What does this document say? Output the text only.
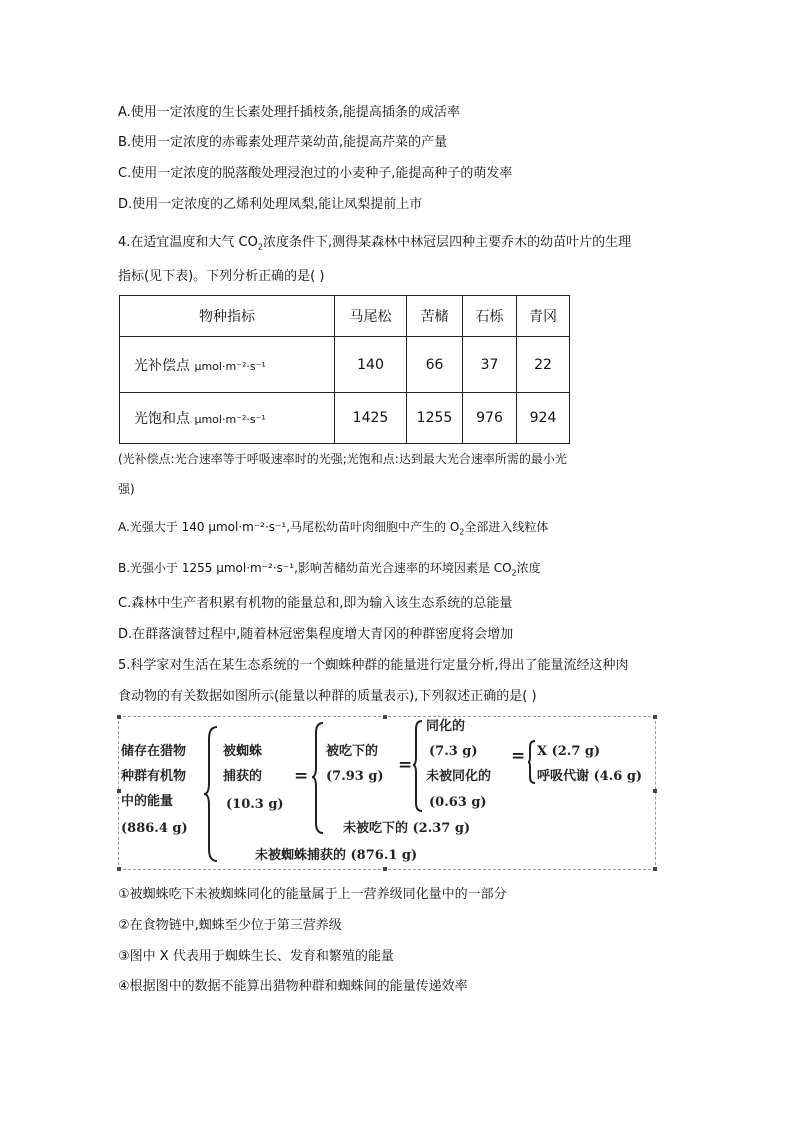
A.使用一定浓度的生长素处理扦插枝条,能提高插条的成活率
B.使用一定浓度的赤霉素处理芹菜幼苗,能提高芹菜的产量
C.使用一定浓度的脱落酸处理浸泡过的小麦种子,能提高种子的萌发率
D.使用一定浓度的乙烯利处理凤梨,能让凤梨提前上市
4.在适宜温度和大气 $CO_2$浓度条件下,测得某森林中林冠层四种主要乔木的幼苗叶片的生理
指标(见下表)。下列分析正确的是( )
物种指标	马尾松	苦槠	石栎	青冈
光补偿点 μmol·m⁻²·s⁻¹	140	66	37	22
光饱和点 μmol·m⁻²·s⁻¹	1425	1255	976	924
(光补偿点:光合速率等于呼吸速率时的光强;光饱和点:达到最大光合速率所需的最小光
强)
A.光强大于 140 μmol·m⁻²·s⁻¹,马尾松幼苗叶肉细胞中产生的 $O_2$全部进入线粒体
B.光强小于 1255 μmol·m⁻²·s⁻¹,影响苦槠幼苗光合速率的环境因素是 $CO_2$浓度
C.森林中生产者积累有机物的能量总和,即为输入该生态系统的总能量
D.在群落演替过程中,随着林冠密集程度增大青冈的种群密度将会增加
5.科学家对生活在某生态系统的一个蜘蛛种群的能量进行定量分析,得出了能量流经这种肉
食动物的有关数据如图所示(能量以种群的质量表示),下列叙述正确的是( )
储存在猎物
种群有机物
中的能量
(886.4 g)
被蜘蛛
捕获的
(10.3 g)
=
被吃下的
(7.93 g)
=
同化的
(7.3 g)
未被同化的
(0.63 g)
= X (2.7 g)
呼吸代谢 (4.6 g)
未被吃下的 (2.37 g)
未被蜘蛛捕获的 (876.1 g)
①被蜘蛛吃下未被蜘蛛同化的能量属于上一营养级同化量中的一部分
②在食物链中,蜘蛛至少位于第三营养级
③图中 X 代表用于蜘蛛生长、发育和繁殖的能量
④根据图中的数据不能算出猎物种群和蜘蛛间的能量传递效率
